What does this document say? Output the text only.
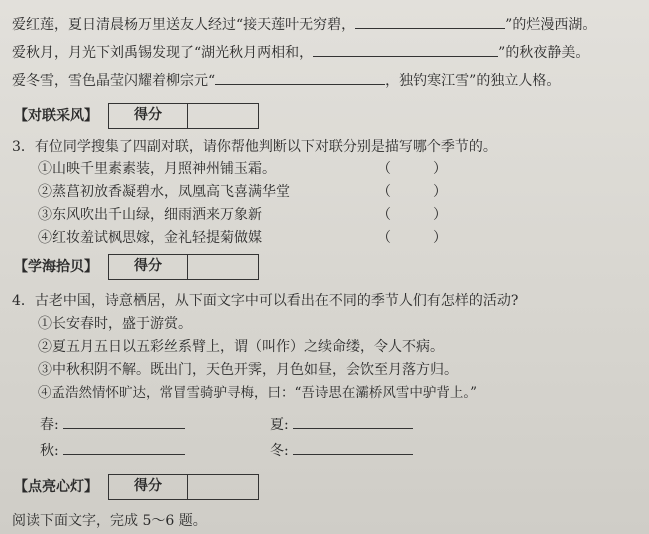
爱红莲，夏日清晨杨万里送友人经过“接天莲叶无穷碧，	”的烂漫西湖。
爱秋月，月光下刘禹锡发现了“湖光秋月两相和，	”的秋夜静美。
爱冬雪，雪色晶莹闪耀着柳宗元“	，独钓寒江雪”的独立人格。
【对联采风】	得分
3．有位同学搜集了四副对联，请你帮他判断以下对联分别是描写哪个季节的。
①山映千里素素装，月照神州铺玉霜。	（　　　）
②蒸菖初放香凝碧水，凤凰高飞喜满华堂	（　　　）
③东风吹出千山绿，细雨洒来万象新	（　　　）
④红妆羞试枫思嫁，金礼轻提菊做媒	（　　　）
【学海拾贝】	得分
4．古老中国，诗意栖居，从下面文字中可以看出在不同的季节人们有怎样的活动?
①长安春时，盛于游赏。
②夏五月五日以五彩丝系臂上，谓（叫作）之续命缕，令人不病。
③中秋积阴不解。既出门，天色开霁，月色如昼，会饮至月落方归。
④孟浩然情怀旷达，常冒雪骑驴寻梅，曰：“吾诗思在灞桥风雪中驴背上。”
春:	夏:
秋:	冬:
【点亮心灯】	得分
阅读下面文字，完成 5～6 题。
